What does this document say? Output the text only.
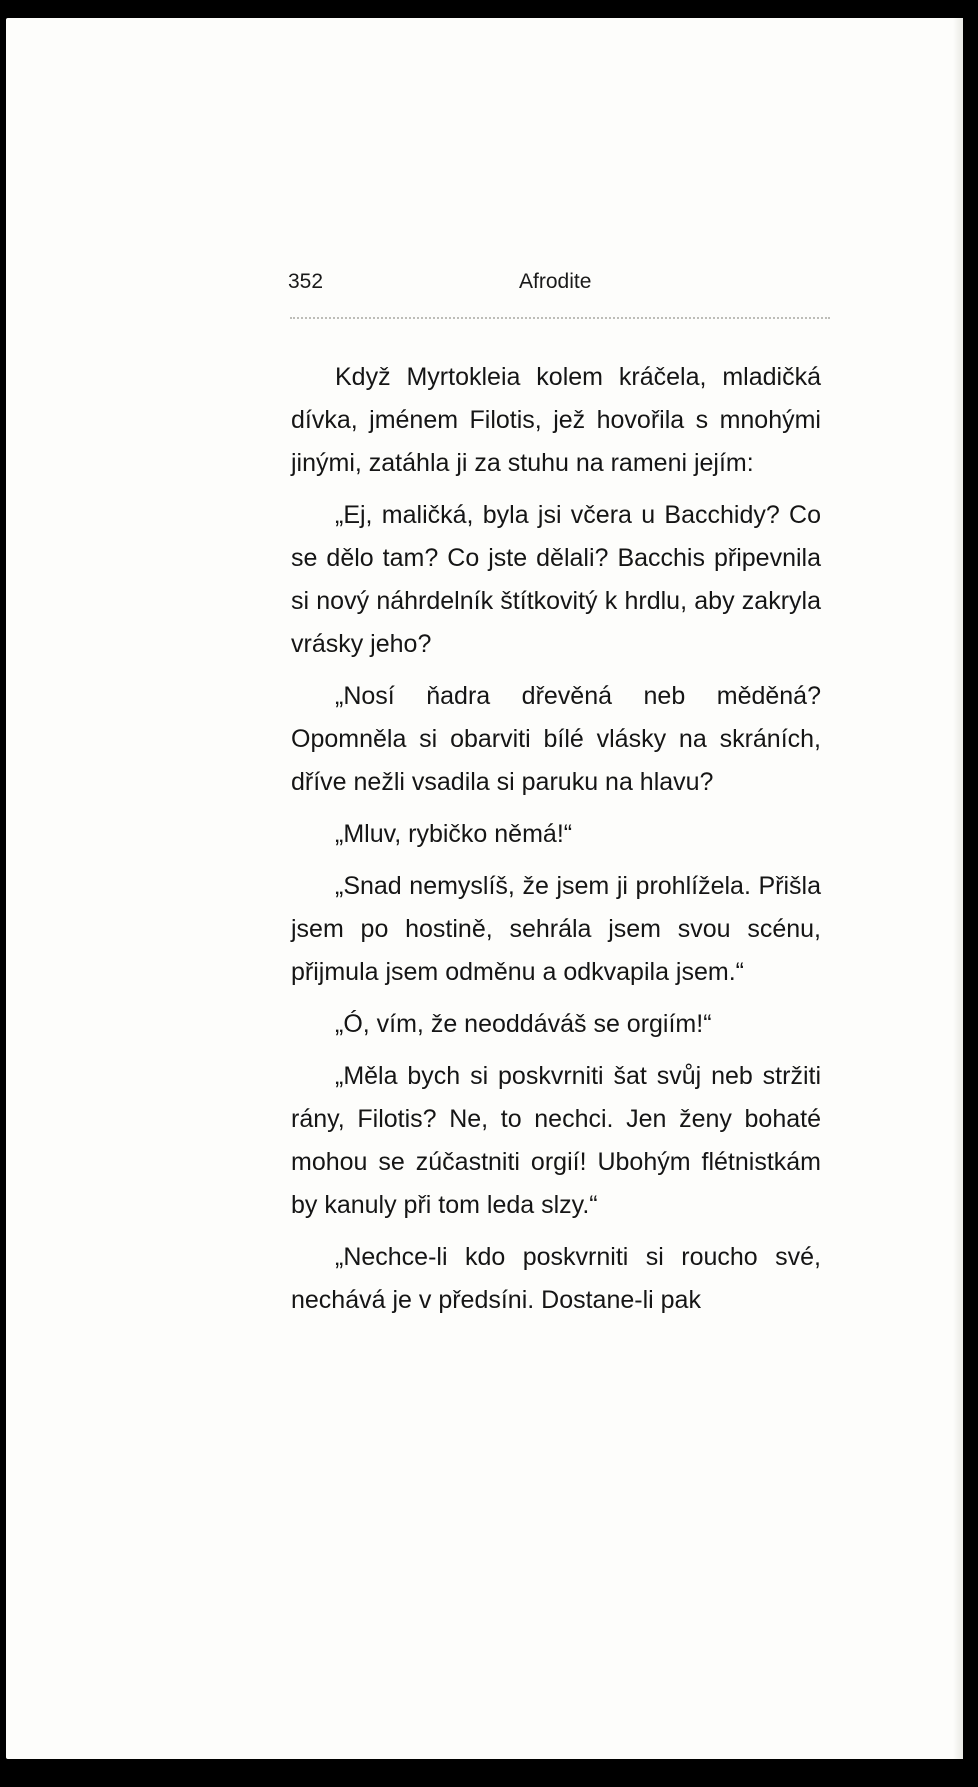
352	Afrodite

Když Myrtokleia kolem kráčela, mladičká dívka, jménem Filotis, jež hovořila s mnohými jinými, zatáhla ji za stuhu na rameni jejím:

„Ej, maličká, byla jsi včera u Bacchidy? Co se dělo tam? Co jste dělali? Bacchis připevnila si nový náhrdelník štítkovitý k hrdlu, aby zakryla vrásky jeho?

„Nosí ňadra dřevěná neb měděná? Opomněla si obarviti bílé vlásky na skráních, dříve nežli vsadila si paruku na hlavu?

„Mluv, rybičko němá!“

„Snad nemyslíš, že jsem ji prohlížela. Přišla jsem po hostině, sehrála jsem svou scénu, přijmula jsem odměnu a odkvapila jsem.“

„Ó, vím, že neoddáváš se orgiím!“

„Měla bych si poskvrniti šat svůj neb stržiti rány, Filotis? Ne, to nechci. Jen ženy bohaté mohou se zúčastniti orgií! Ubohým flétnistkám by kanuly při tom leda slzy.“

„Nechce-li kdo poskvrniti si roucho své, nechává je v předsíni. Dostane-li pak
